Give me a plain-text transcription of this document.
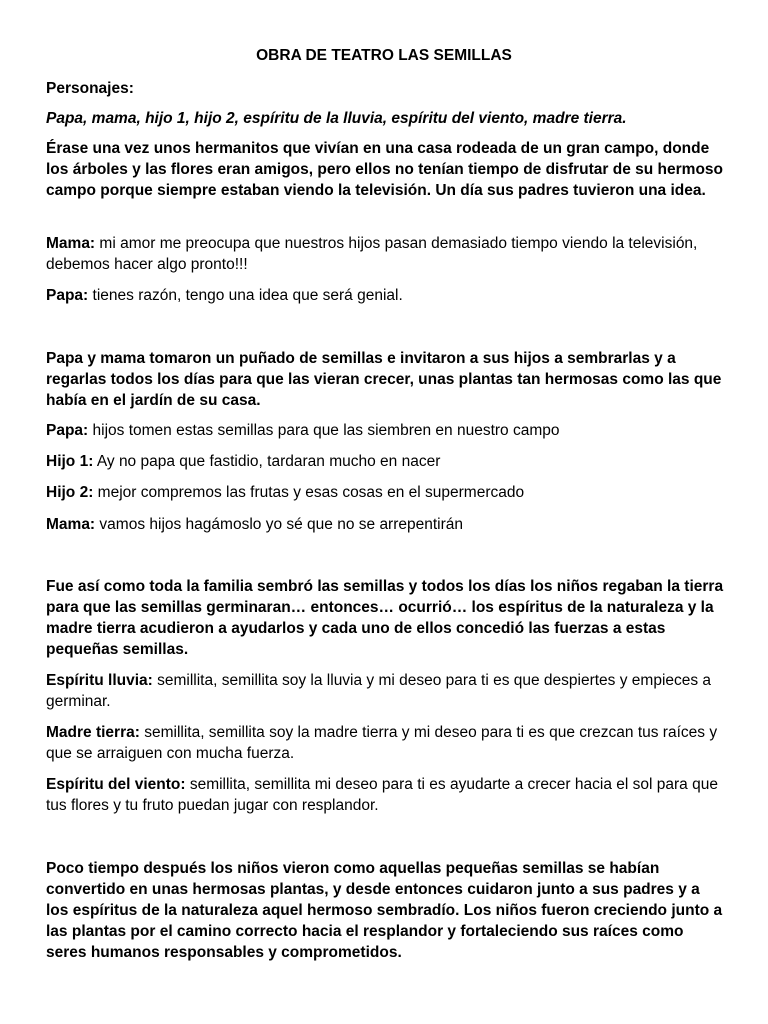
OBRA DE TEATRO LAS SEMILLAS
Personajes:
Papa, mama, hijo 1, hijo 2, espíritu de la lluvia, espíritu del viento, madre tierra.
Érase una vez unos hermanitos que vivían en una casa rodeada de un gran campo, donde los árboles y las flores eran amigos, pero ellos no tenían tiempo de disfrutar de su hermoso campo porque siempre estaban viendo la televisión. Un día sus padres tuvieron una idea.
Mama: mi amor me preocupa que nuestros hijos pasan demasiado tiempo viendo la televisión, debemos hacer algo pronto!!!
Papa: tienes razón, tengo una idea que será genial.
Papa y mama tomaron un puñado de semillas e invitaron a sus hijos a sembrarlas y a regarlas todos los días para que las vieran crecer, unas plantas tan hermosas como las que había en el jardín de su casa.
Papa: hijos tomen estas semillas para que las siembren en nuestro campo
Hijo 1: Ay no papa que fastidio, tardaran mucho en nacer
Hijo 2: mejor compremos las frutas y esas cosas en el supermercado
Mama: vamos hijos hagámoslo yo sé que no se arrepentirán
Fue así como toda la familia sembró las semillas y todos los días los niños regaban la tierra para que las semillas germinaran… entonces… ocurrió… los espíritus de la naturaleza y la madre tierra acudieron a ayudarlos y cada uno de ellos concedió las fuerzas a estas pequeñas semillas.
Espíritu lluvia: semillita, semillita soy la lluvia y mi deseo para ti es que despiertes y empieces a germinar.
Madre tierra: semillita, semillita soy la madre tierra y mi deseo para ti es que crezcan tus raíces y que se arraiguen con mucha fuerza.
Espíritu del viento: semillita, semillita mi deseo para ti es ayudarte a crecer hacia el sol para que tus flores y tu fruto puedan jugar con resplandor.
Poco tiempo después los niños vieron como aquellas pequeñas semillas se habían convertido en unas hermosas plantas, y desde entonces cuidaron junto a sus padres y a los espíritus de la naturaleza aquel hermoso sembradío. Los niños fueron creciendo junto a las plantas por el camino correcto hacia el resplandor y fortaleciendo sus raíces como seres humanos responsables y comprometidos.
